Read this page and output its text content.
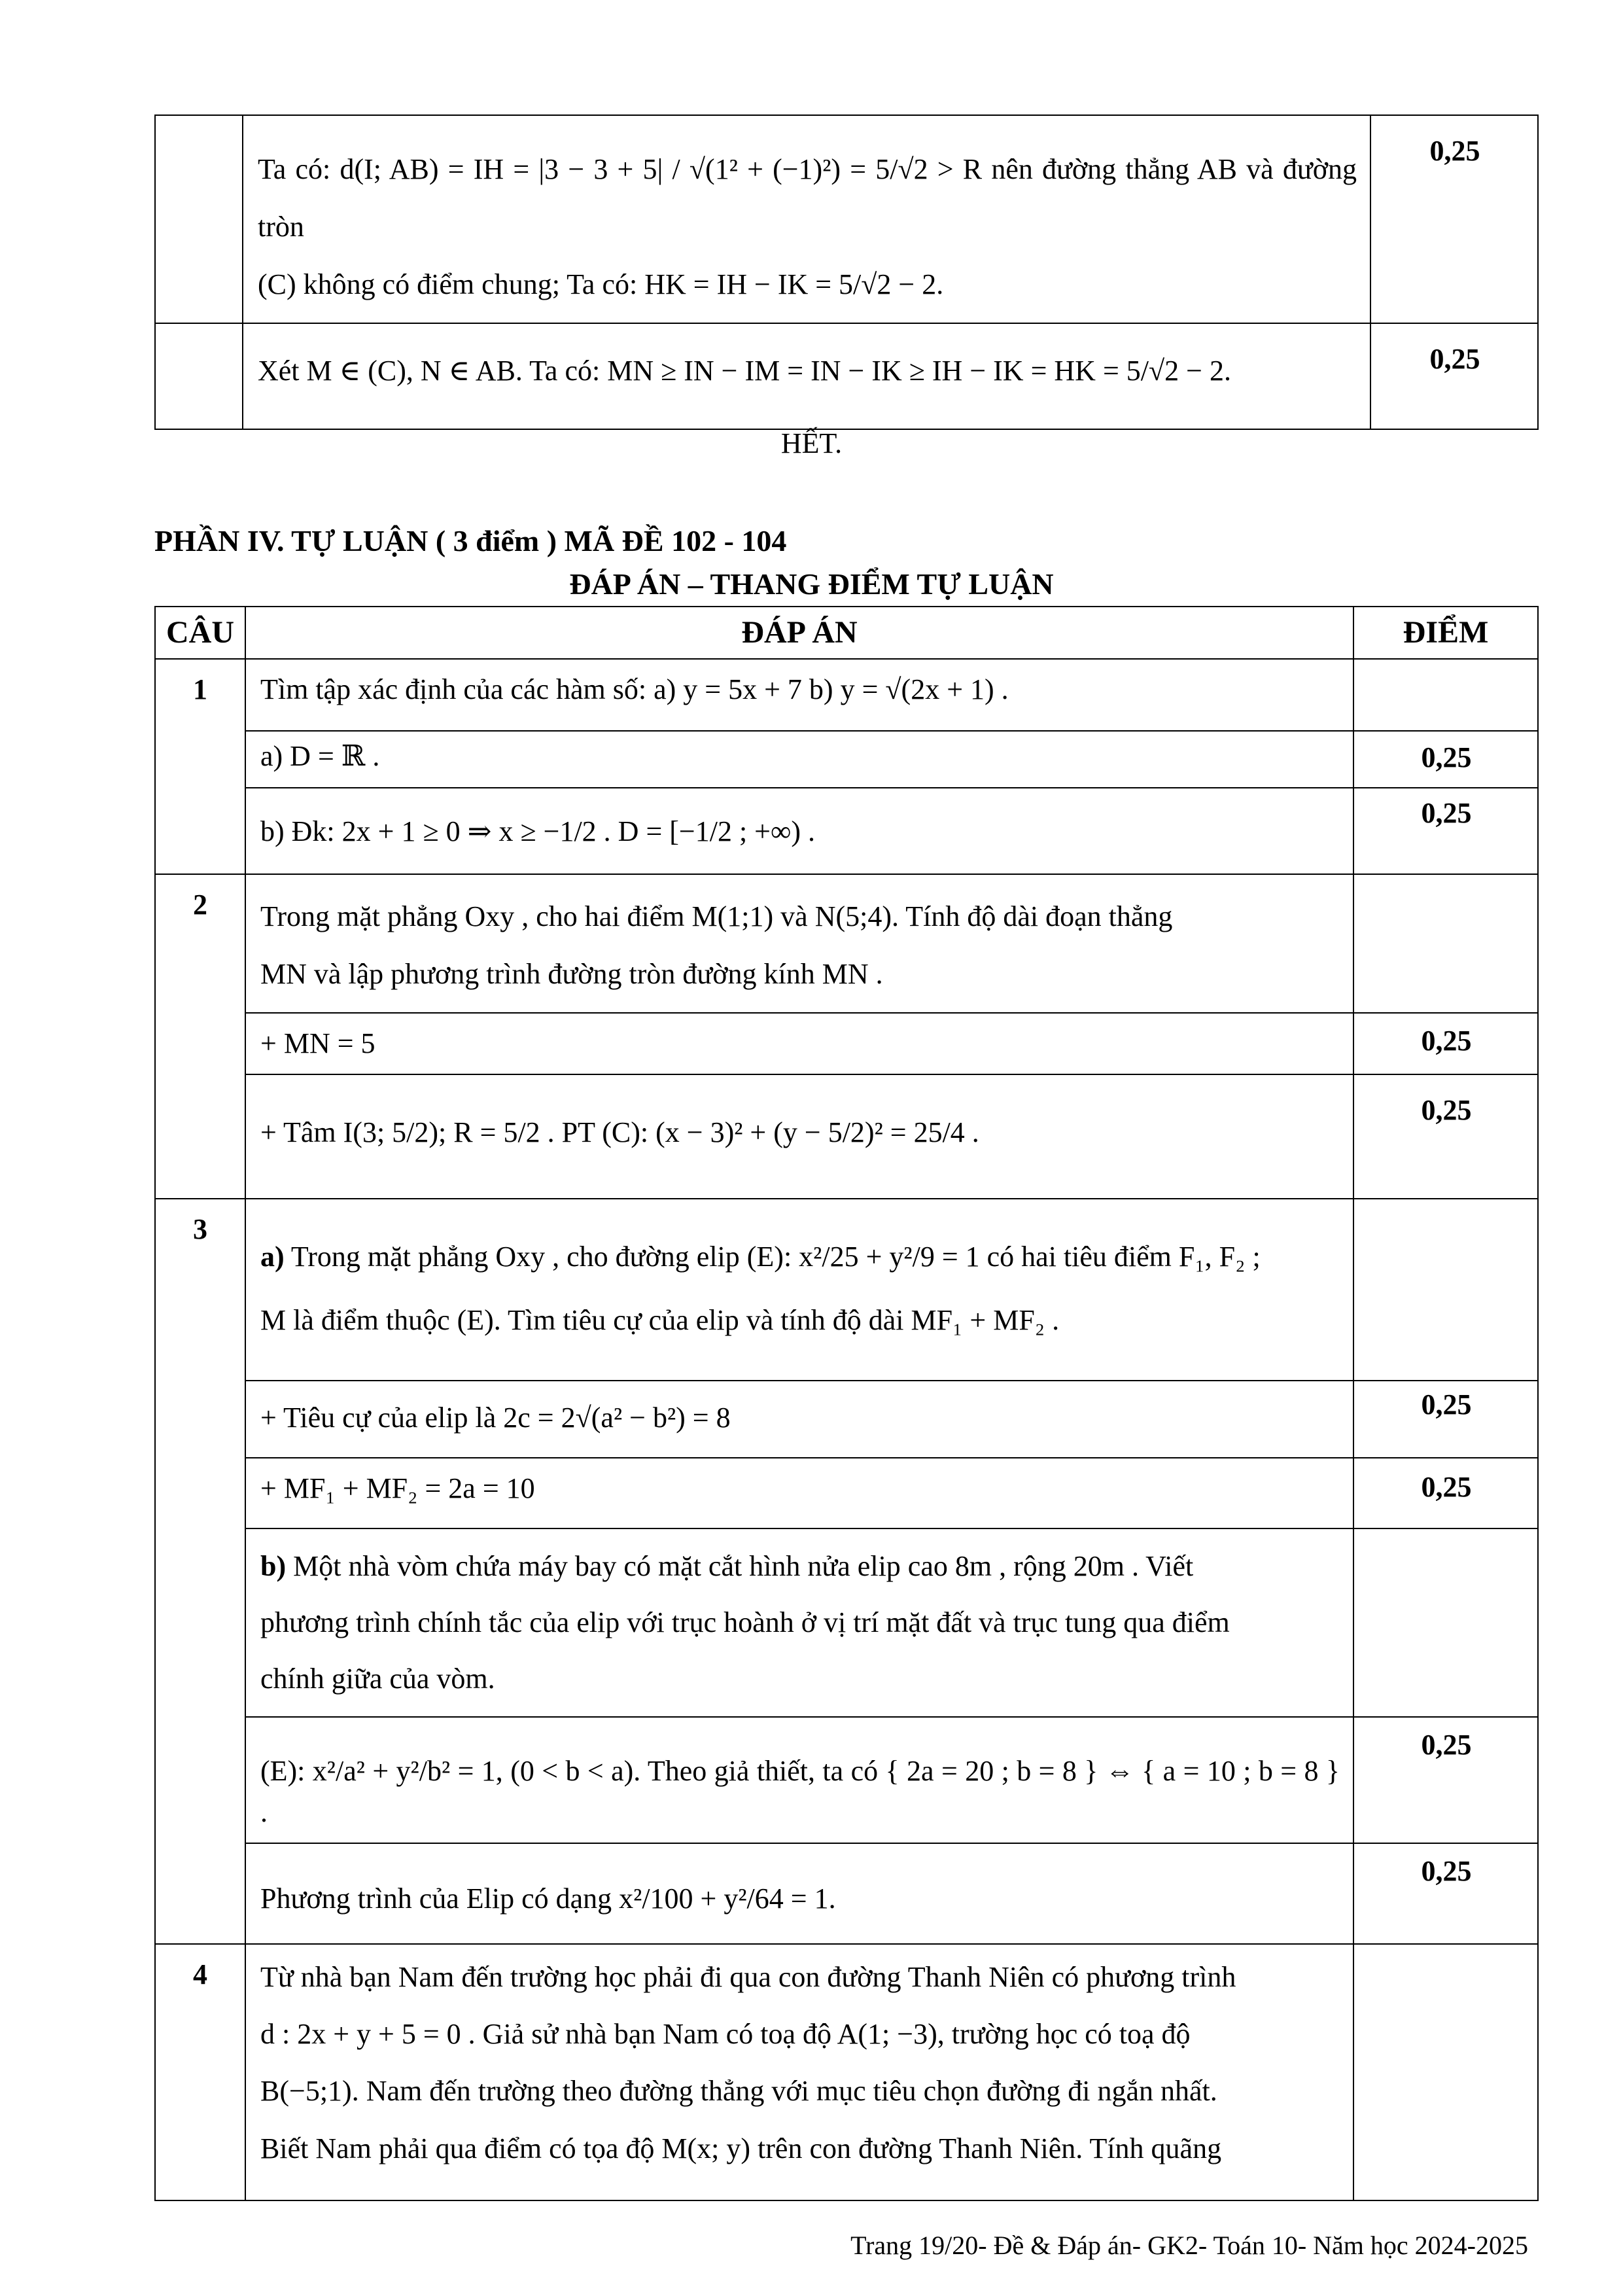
	Ta có: d(I; AB) = IH = |3 − 3 + 5| / √(1² + (−1)²) = 5/√2 > R nên đường thẳng AB và đường tròn
(C) không có điểm chung; Ta có: HK = IH − IK = 5/√2 − 2.	0,25

	Xét M ∈ (C), N ∈ AB. Ta có: MN ≥ IN − IM = IN − IK ≥ IH − IK = HK = 5/√2 − 2.	0,25
HẾT.
PHẦN IV. TỰ LUẬN ( 3 điểm ) MÃ ĐỀ 102 - 104
ĐÁP ÁN – THANG ĐIỂM TỰ LUẬN
CÂU	ĐÁP ÁN	ĐIỂM
1	Tìm tập xác định của các hàm số: a) y = 5x + 7 b) y = √(2x + 1) .	
	a) D = ℝ .	0,25
	b) Đk: 2x + 1 ≥ 0 ⇒ x ≥ −1/2 . D = [−1/2 ; +∞) .	0,25
2	Trong mặt phẳng Oxy , cho hai điểm M(1;1) và N(5;4). Tính độ dài đoạn thẳng
MN và lập phương trình đường tròn đường kính MN .	

	+ MN = 5	0,25
	+ Tâm I(3; 5/2); R = 5/2 . PT (C): (x − 3)² + (y − 5/2)² = 25/4 .	0,25
3	a) Trong mặt phẳng Oxy , cho đường elip (E): x²/25 + y²/9 = 1 có hai tiêu điểm F₁, F₂ ;
M là điểm thuộc (E). Tìm tiêu cự của elip và tính độ dài MF₁ + MF₂ .	

	+ Tiêu cự của elip là 2c = 2√(a² − b²) = 8	0,25
	+ MF₁ + MF₂ = 2a = 10	0,25

	b) Một nhà vòm chứa máy bay có mặt cắt hình nửa elip cao 8m , rộng 20m . Viết
phương trình chính tắc của elip với trục hoành ở vị trí mặt đất và trục tung qua điểm
chính giữa của vòm.	

	(E): x²/a² + y²/b² = 1, (0 < b < a). Theo giả thiết, ta có { 2a = 20 ; b = 8 } ⇔ { a = 10 ; b = 8 } .	0,25
	Phương trình của Elip có dạng x²/100 + y²/64 = 1.	0,25
4	Từ nhà bạn Nam đến trường học phải đi qua con đường Thanh Niên có phương trình
d : 2x + y + 5 = 0 . Giả sử nhà bạn Nam có toạ độ A(1; −3), trường học có toạ độ
B(−5;1). Nam đến trường theo đường thẳng với mục tiêu chọn đường đi ngắn nhất.
Biết Nam phải qua điểm có tọa độ M(x; y) trên con đường Thanh Niên. Tính quãng	

Trang 19/20- Đề & Đáp án- GK2- Toán 10- Năm học 2024-2025
